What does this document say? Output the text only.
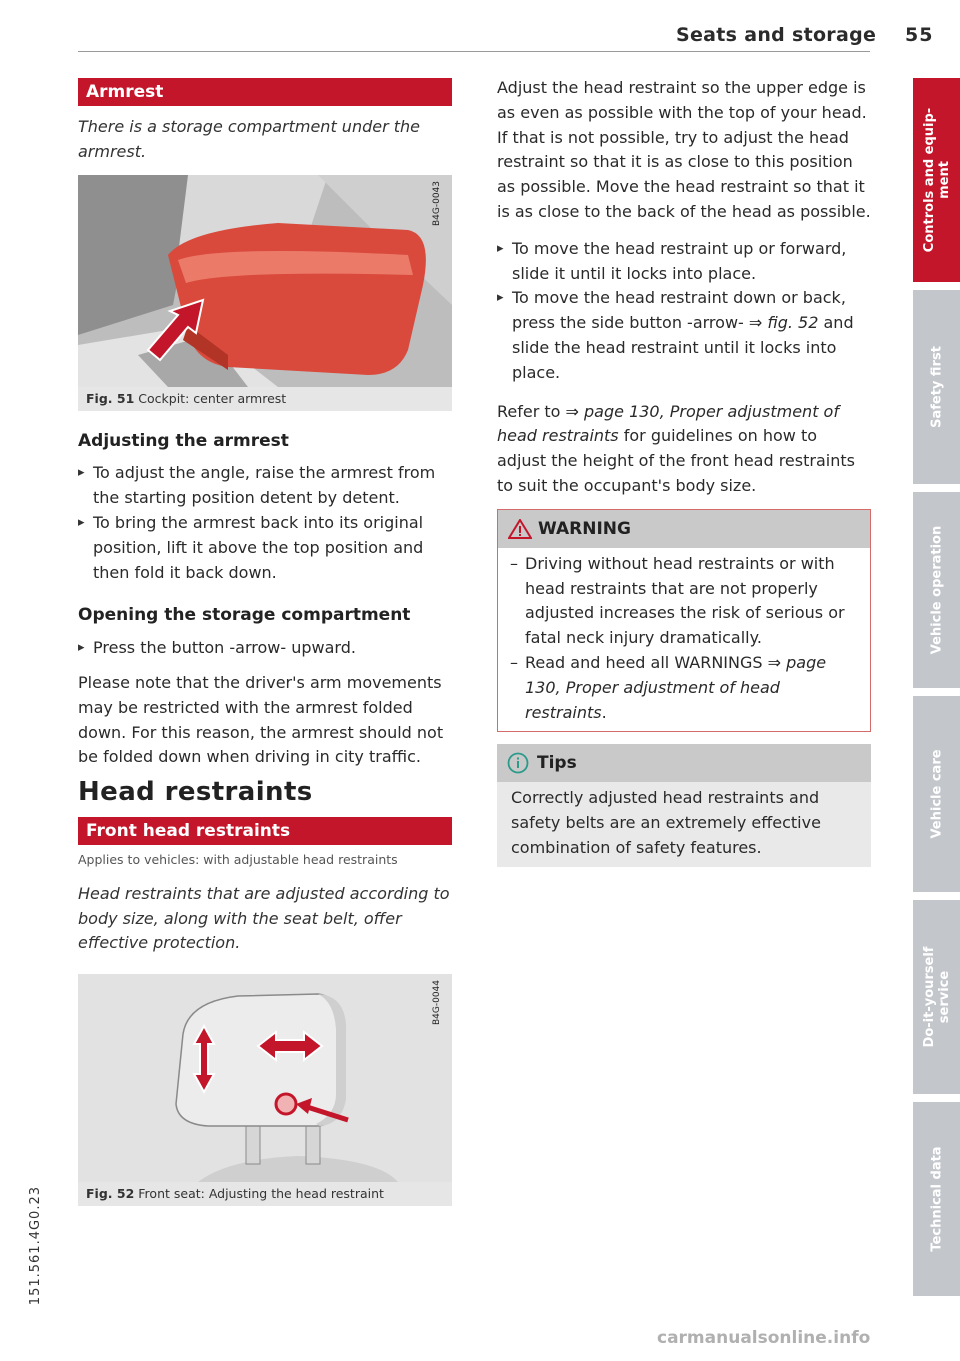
Seats and storage 55
Armrest
There is a storage compartment under the armrest.
B4G-0043
Fig. 51 Cockpit: center armrest
Adjusting the armrest
▸ To adjust the angle, raise the armrest from the starting position detent by detent.
▸ To bring the armrest back into its original position, lift it above the top position and then fold it back down.
Opening the storage compartment
▸ Press the button -arrow- upward.

Please note that the driver's arm movements may be restricted with the armrest folded down. For this reason, the armrest should not be folded down when driving in city traffic.

Head restraints
Front head restraints
Applies to vehicles: with adjustable head restraints
Head restraints that are adjusted according to body size, along with the seat belt, offer effective protection.
B4G-0044
Fig. 52 Front seat: Adjusting the head restraint

Adjust the head restraint so the upper edge is as even as possible with the top of your head. If that is not possible, try to adjust the head restraint so that it is as close to this position as possible. Move the head restraint so that it is as close to the back of the head as possible.

▸ To move the head restraint up or forward, slide it until it locks into place.
▸ To move the head restraint down or back, press the side button -arrow- ⇒ fig. 52 and slide the head restraint until it locks into place.

Refer to ⇒ page 130, Proper adjustment of head restraints for guidelines on how to adjust the height of the front head restraints to suit the occupant's body size.

WARNING
– Driving without head restraints or with head restraints that are not properly adjusted increases the risk of serious or fatal neck injury dramatically.
– Read and heed all WARNINGS ⇒ page 130, Proper adjustment of head restraints.
Tips
Correctly adjusted head restraints and safety belts are an extremely effective combination of safety features.
Controls and equip-
ment
Safety first
Vehicle operation
Vehicle care
Do-it-yourself
service
Technical data
151.561.4G0.23
carmanualsonline.info
